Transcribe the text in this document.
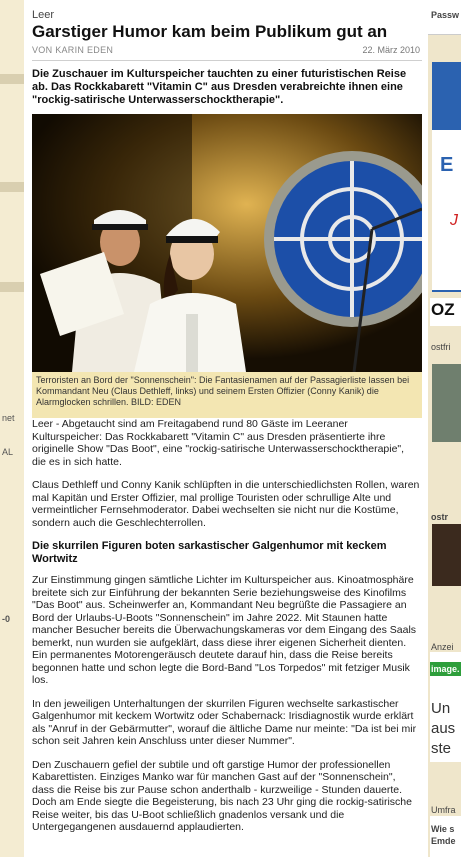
net
AL
-0
Leer
Garstiger Humor kam beim Publikum gut an
VON KARIN EDEN	22. März 2010
Die Zuschauer im Kulturspeicher tauchten zu einer futuristischen Reise ab. Das Rockkabarett "Vitamin C" aus Dresden verabreichte ihnen eine "rockig-satirische Unterwasserschocktherapie".
Terroristen an Bord der "Sonnenschein": Die Fantasienamen auf der Passagierliste lassen bei Kommandant Neu (Claus Dethleff, links) und seinem Ersten Offizier (Conny Kanik) die Alarmglocken schrillen. BILD: EDEN

Leer - Abgetaucht sind am Freitagabend rund 80 Gäste im Leeraner Kulturspeicher: Das Rockkabarett "Vitamin C" aus Dresden präsentierte ihre originelle Show "Das Boot", eine "rockig-satirische Unterwasserschocktherapie", die es in sich hatte.

Claus Dethleff und Conny Kanik schlüpften in die unterschiedlichsten Rollen, waren mal Kapitän und Erster Offizier, mal prollige Touristen oder schrullige Alte und vermeintlicher Fernsehmoderator. Dabei wechselten sie nicht nur die Kostüme, sondern auch die Geschlechterrollen.

Die skurrilen Figuren boten sarkastischer Galgenhumor mit keckem Wortwitz

Zur Einstimmung gingen sämtliche Lichter im Kulturspeicher aus. Kinoatmosphäre breitete sich zur Einführung der bekannten Serie beziehungsweise des Kinofilms "Das Boot" aus. Scheinwerfer an, Kommandant Neu begrüßte die Passagiere an Bord der Urlaubs-U-Boots "Sonnenschein" im Jahre 2022. Mit Staunen hatte mancher Besucher bereits die Überwachungskameras vor dem Eingang des Saals bemerkt, nun wurden sie aufgeklärt, dass diese ihrer eigenen Sicherheit dienten. Ein permanentes Motorengeräusch deutete darauf hin, dass die Reise bereits begonnen hatte und schon legte die Bord-Band "Los Torpedos" mit fetziger Musik los.

In den jeweiligen Unterhaltungen der skurrilen Figuren wechselte sarkastischer Galgenhumor mit keckem Wortwitz oder Schabernack: Irisdiagnostik wurde erklärt als "Anruf in der Gebärmutter", worauf die ältliche Dame nur meinte: "Da ist bei mir schon seit Jahren kein Anschluss unter dieser Nummer".

Den Zuschauern gefiel der subtile und oft garstige Humor der professionellen Kabarettisten. Einziges Manko war für manchen Gast auf der "Sonnenschein", dass die Reise bis zur Pause schon anderthalb - kurzweilige - Stunden dauerte. Doch am Ende siegte die Begeisterung, bis nach 23 Uhr ging die rockig-satirische Reise weiter, bis das U-Boot schließlich gnadenlos versank und die Untergegangenen ausdauernd applaudierten.

E
J
Passw
OZ
ostfri
ostr
Anzei
image.
Un
aus
ste
Umfra
Wie s
Emde
